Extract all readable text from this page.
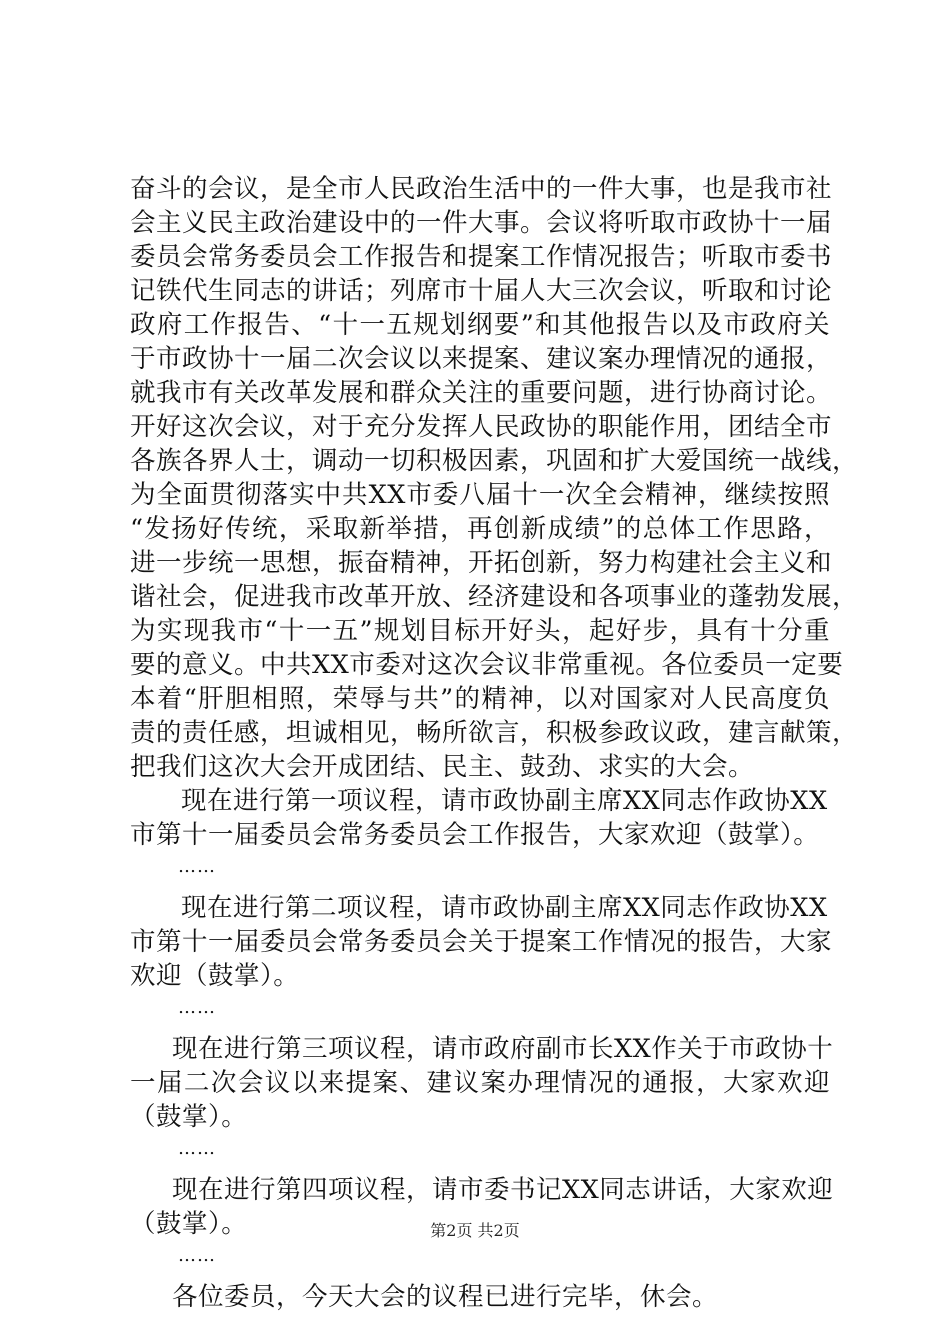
奋斗的会议，是全市人民政治生活中的一件大事，也是我市社
会主义民主政治建设中的一件大事。会议将听取市政协十一届
委员会常务委员会工作报告和提案工作情况报告；听取市委书
记铁代生同志的讲话；列席市十届人大三次会议，听取和讨论
政府工作报告、“十一五规划纲要”和其他报告以及市政府关
于市政协十一届二次会议以来提案、建议案办理情况的通报，
就我市有关改革发展和群众关注的重要问题，进行协商讨论。
开好这次会议，对于充分发挥人民政协的职能作用，团结全市
各族各界人士，调动一切积极因素，巩固和扩大爱国统一战线，
为全面贯彻落实中共XX市委八届十一次全会精神，继续按照
“发扬好传统，采取新举措，再创新成绩”的总体工作思路，
进一步统一思想，振奋精神，开拓创新，努力构建社会主义和
谐社会，促进我市改革开放、经济建设和各项事业的蓬勃发展，
为实现我市“十一五”规划目标开好头，起好步，具有十分重
要的意义。中共XX市委对这次会议非常重视。各位委员一定要
本着“肝胆相照，荣辱与共”的精神，以对国家对人民高度负
责的责任感，坦诚相见，畅所欲言，积极参政议政，建言献策，
把我们这次大会开成团结、民主、鼓劲、求实的大会。
现在进行第一项议程，请市政协副主席XX同志作政协XX
市第十一届委员会常务委员会工作报告，大家欢迎（鼓掌）。
……
现在进行第二项议程，请市政协副主席XX同志作政协XX
市第十一届委员会常务委员会关于提案工作情况的报告，大家
欢迎（鼓掌）。
……
现在进行第三项议程，请市政府副市长XX作关于市政协十
一届二次会议以来提案、建议案办理情况的通报，大家欢迎
（鼓掌）。
……
现在进行第四项议程，请市委书记XX同志讲话，大家欢迎
（鼓掌）。
……
各位委员，今天大会的议程已进行完毕，休会。
第2页 共2页
